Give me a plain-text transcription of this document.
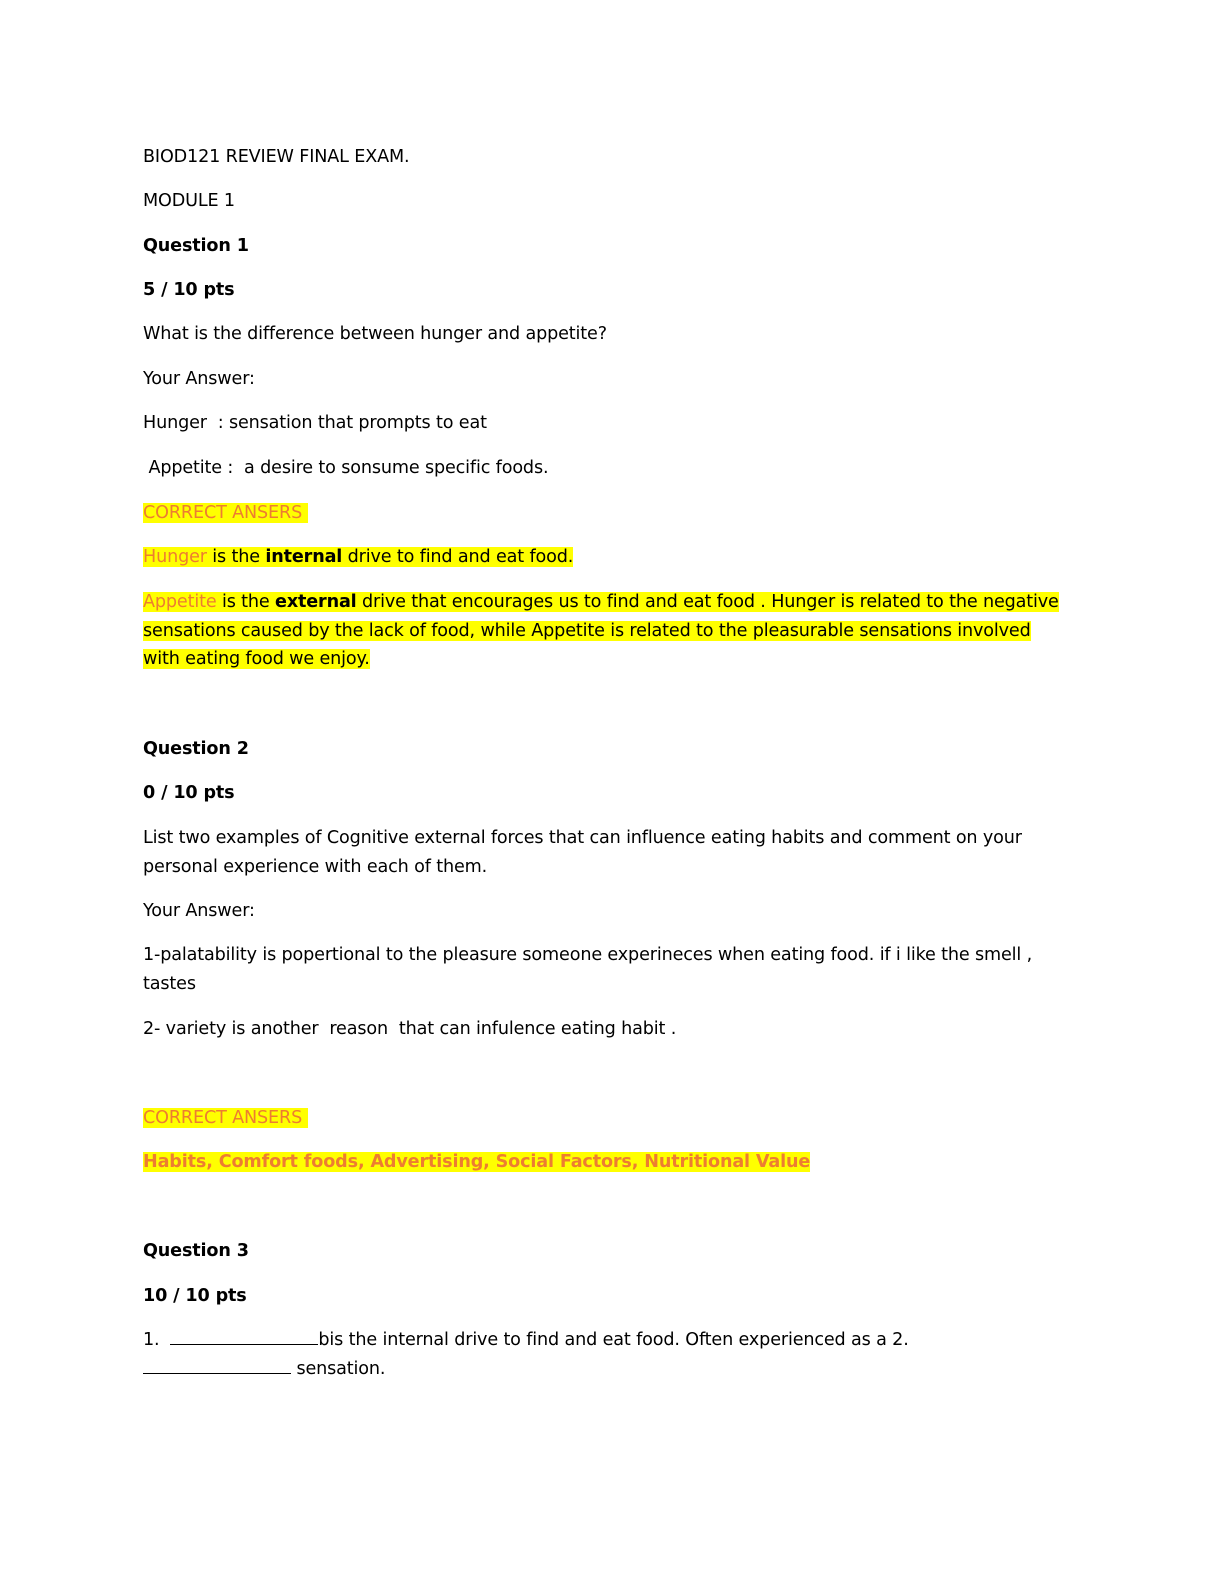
BIOD121 REVIEW FINAL EXAM.

MODULE 1

Question 1

5 / 10 pts

What is the difference between hunger and appetite?

Your Answer:

Hunger  : sensation that prompts to eat

Appetite :  a desire to sonsume specific foods.

CORRECT ANSERS

Hunger is the internal drive to find and eat food.

Appetite is the external drive that encourages us to find and eat food . Hunger is related to the negative sensations caused by the lack of food, while Appetite is related to the pleasurable sensations involved with eating food we enjoy.

Question 2

0 / 10 pts

List two examples of Cognitive external forces that can influence eating habits and comment on your personal experience with each of them.

Your Answer:

1-palatability is popertional to the pleasure someone experineces when eating food. if i like the smell , tastes

2- variety is another  reason  that can infulence eating habit .

CORRECT ANSERS

Habits, Comfort foods, Advertising, Social Factors, Nutritional Value

Question 3

10 / 10 pts

1.	bis the internal drive to find and eat food. Often experienced as a 2.

sensation.
